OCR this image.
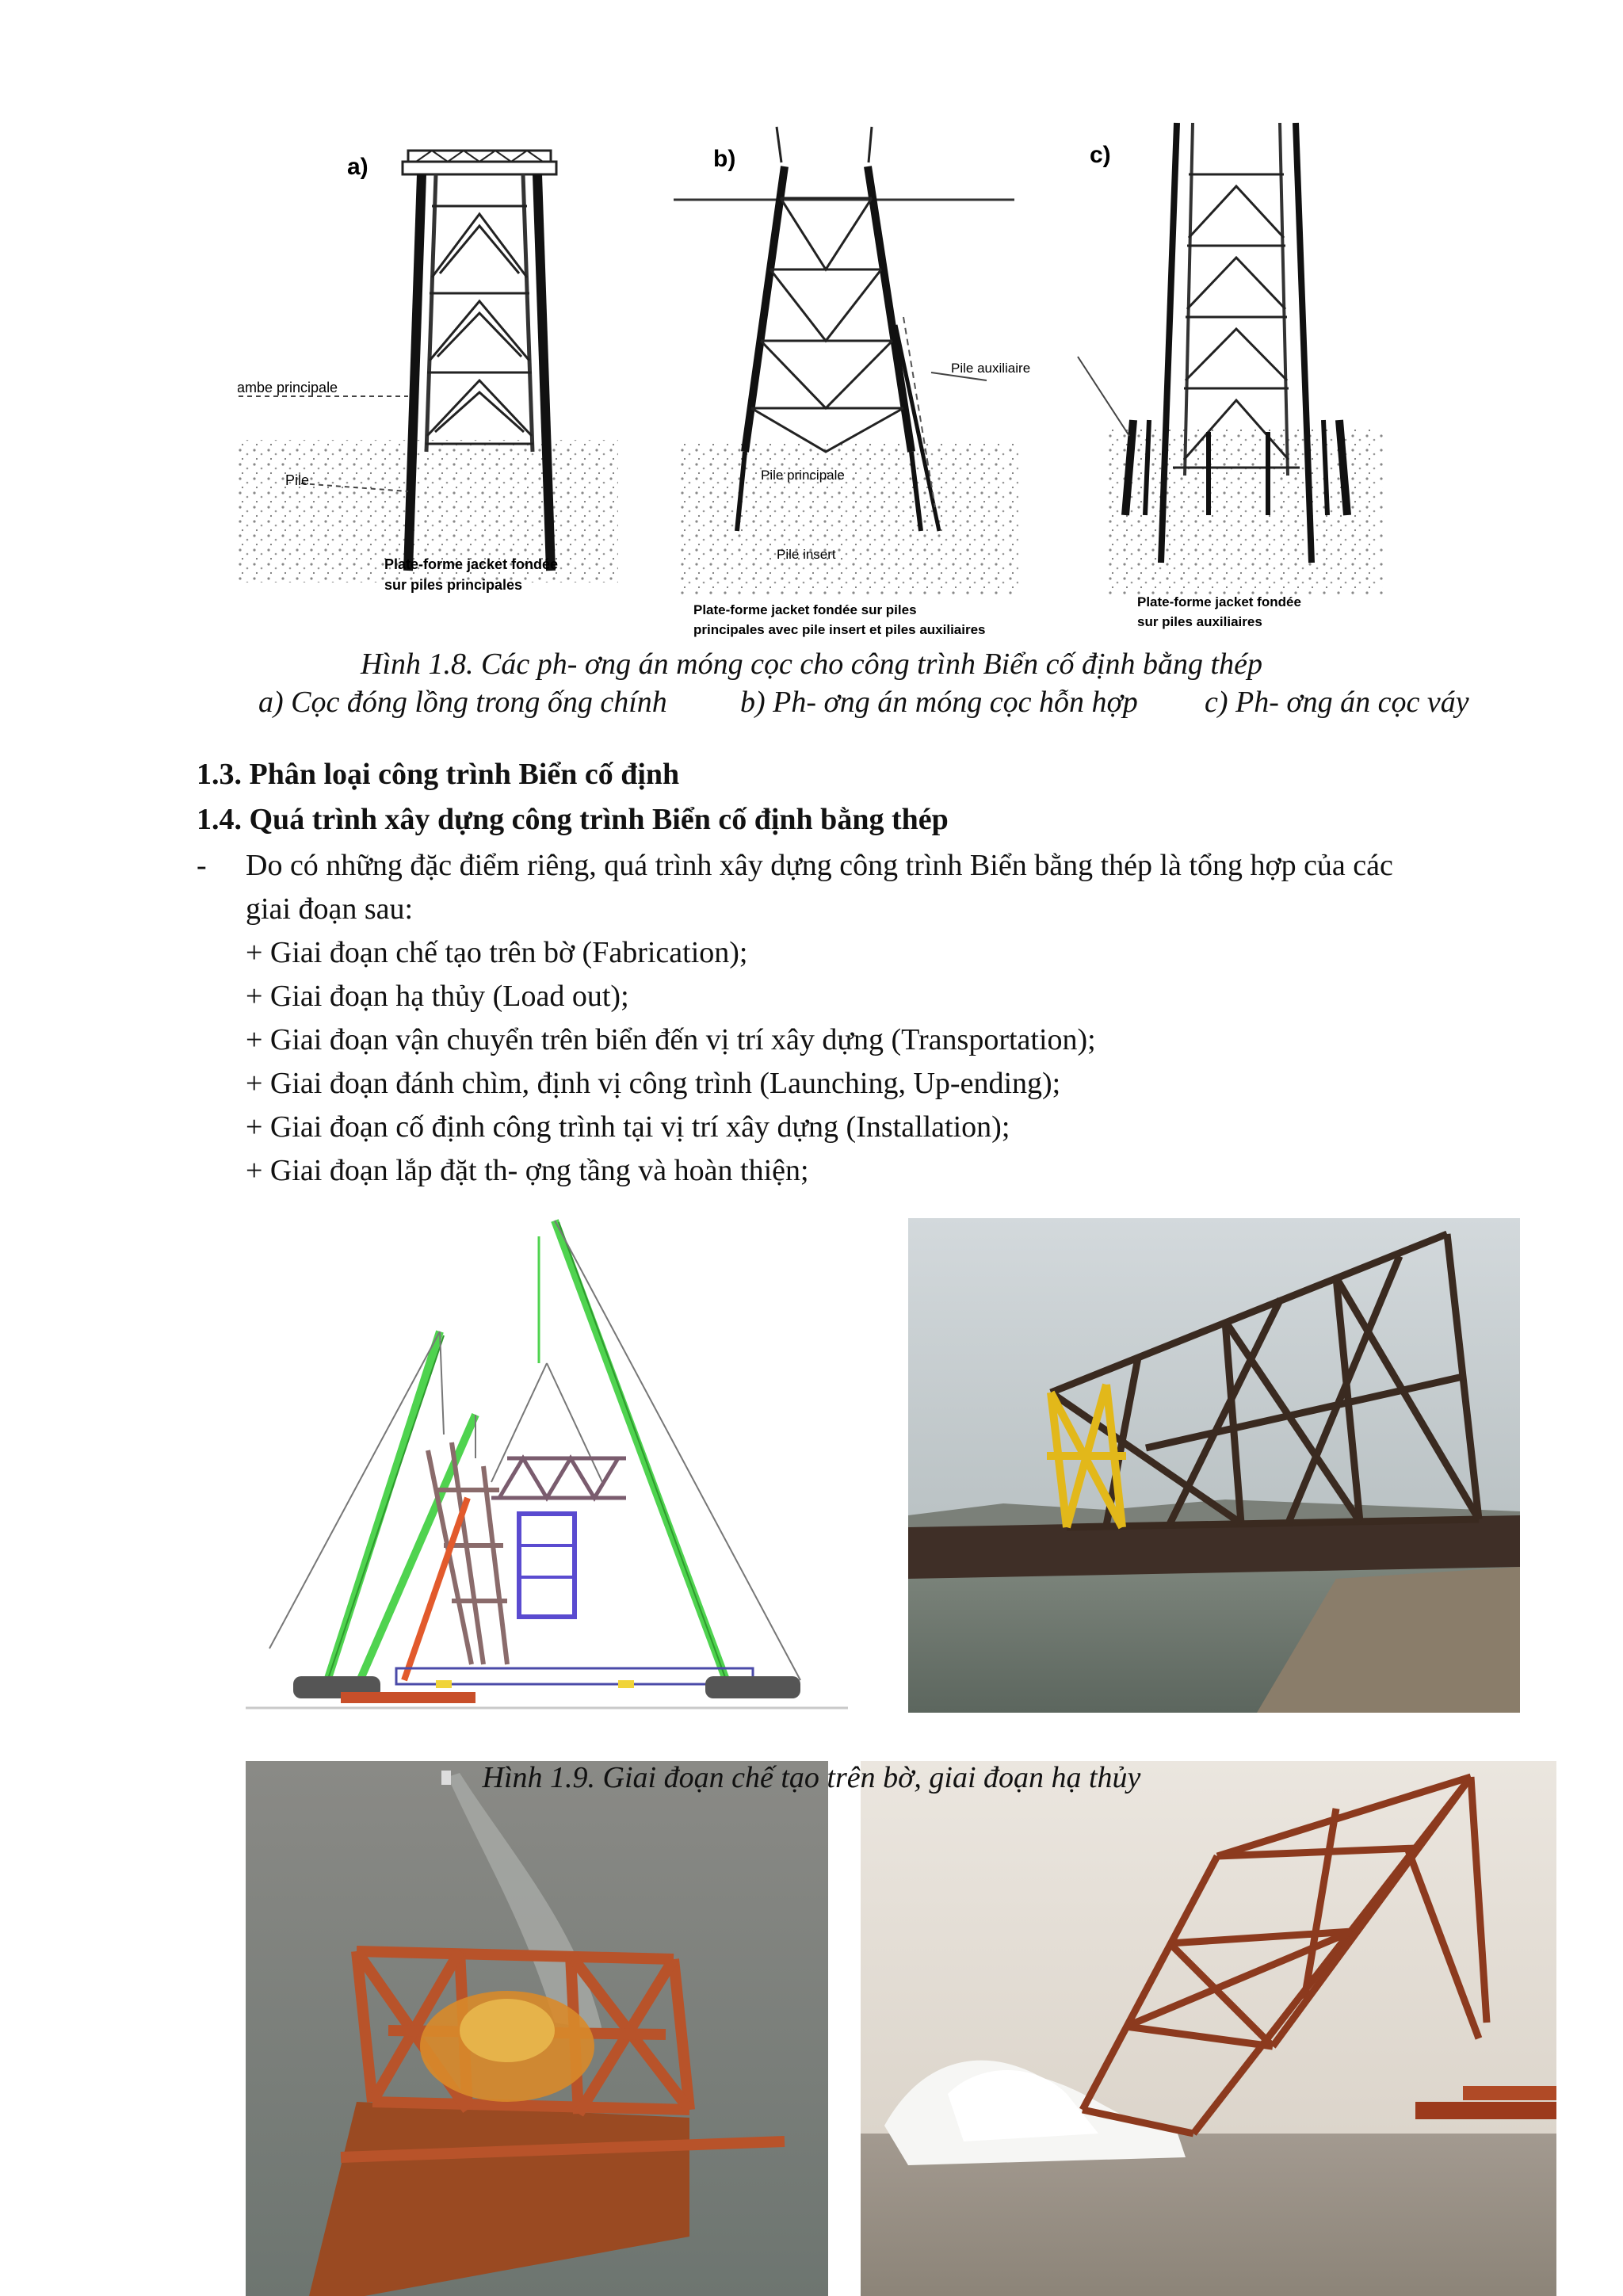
a)
Jambe principale
Pile
Plate-forme jacket fondée
sur piles principales
b)
Pile auxiliaire
Pile principale
Pile insert
Plate-forme jacket fondée sur piles
principales avec pile insert et piles auxiliaires
c)
Plate-forme jacket fondée
sur piles auxiliaires
Hình 1.8. Các ph- ơng án móng cọc cho công trình Biển cố định bằng thép
a) Cọc đóng lồng trong ống chính b) Ph- ơng án móng cọc hỗn hợp c) Ph- ơng án cọc váy
1.3. Phân loại công trình Biển cố định
1.4. Quá trình xây dựng công trình Biển cố định bằng thép
- Do có những đặc điểm riêng, quá trình xây dựng công trình Biển bằng thép là tổng hợp của các
giai đoạn sau:
+ Giai đoạn chế tạo trên bờ (Fabrication);
+ Giai đoạn hạ thủy (Load out);
+ Giai đoạn vận chuyển trên biển đến vị trí xây dựng (Transportation);
+ Giai đoạn đánh chìm, định vị công trình (Launching, Up-ending);
+ Giai đoạn cố định công trình tại vị trí xây dựng (Installation);
+ Giai đoạn lắp đặt th- ợng tầng và hoàn thiện;
Hình 1.9. Giai đoạn chế tạo trên bờ, giai đoạn hạ thủy
